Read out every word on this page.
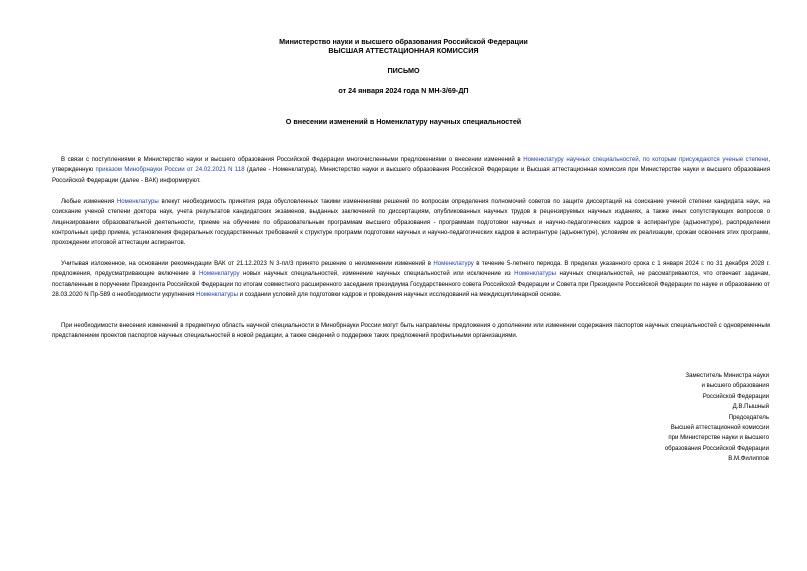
Министерство науки и высшего образования Российской Федерации
ВЫСШАЯ АТТЕСТАЦИОННАЯ КОМИССИЯ
ПИСЬМО
от 24 января 2024 года N МН-3/69-ДП
О внесении изменений в Номенклатуру научных специальностей
В связи с поступлениями в Министерство науки и высшего образования Российской Федерации многочисленными предложениями о внесении изменений в Номенклатуру научных специальностей, по которым присуждаются ученые степени, утвержденную приказом Минобрнауки России от 24.02.2021 N 118 (далее - Номенклатура), Министерство науки и высшего образования Российской Федерации и Высшая аттестационная комиссия при Министерстве науки и высшего образования Российской Федерации (далее - ВАК) информируют.
Любые изменения Номенклатуры влекут необходимость принятия ряда обусловленных такими изменениями решений по вопросам определения полномочий советов по защите диссертаций на соискание ученой степени кандидата наук, на соискание ученой степени доктора наук, учета результатов кандидатских экзаменов, выданных заключений по диссертациям, опубликованных научных трудов в рецензируемых научных изданиях, а также иных сопутствующих вопросов о лицензировании образовательной деятельности, приеме на обучение по образовательным программам высшего образования - программам подготовки научных и научно-педагогических кадров в аспирантуре (адъюнктуре), распределении контрольных цифр приема, установления федеральных государственных требований к структуре программ подготовки научных и научно-педагогических кадров в аспирантуре (адъюнктуре), условиям их реализации, срокам освоения этих программ, прохождении итоговой аттестации аспирантов.
Учитывая изложенное, на основании рекомендации ВАК от 21.12.2023 N 3-пл/3 принято решение о неизменении изменений в Номенклатуру в течение 5-летнего периода. В пределах указанного срока с 1 января 2024 г. по 31 декабря 2028 г. предложения, предусматривающие включение в Номенклатуру новых научных специальностей, изменение научных специальностей или исключение из Номенклатуры научных специальностей, не рассматриваются, что отвечает задачам, поставленным в поручении Президента Российской Федерации по итогам совместного расширенного заседания президиума Государственного совета Российской Федерации и Совета при Президенте Российской Федерации по науке и образованию от 28.03.2020 N Пр-589 о необходимости укрупнения Номенклатуры и создании условий для подготовки кадров и проведения научных исследований на междисциплинарной основе.
При необходимости внесения изменений в предметную область научной специальности в Минобрнауки России могут быть направлены предложения о дополнении или изменении содержания паспортов научных специальностей с одновременным представлением проектов паспортов научных специальностей в новой редакции, а также сведений о поддержке таких предложений профильными организациями.
Заместитель Министра науки
и высшего образования
Российской Федерации
Д.В.Пышный
Председатель
Высшей аттестационной комиссии
при Министерстве науки и высшего
образования Российской Федерации
В.М.Филиппов
